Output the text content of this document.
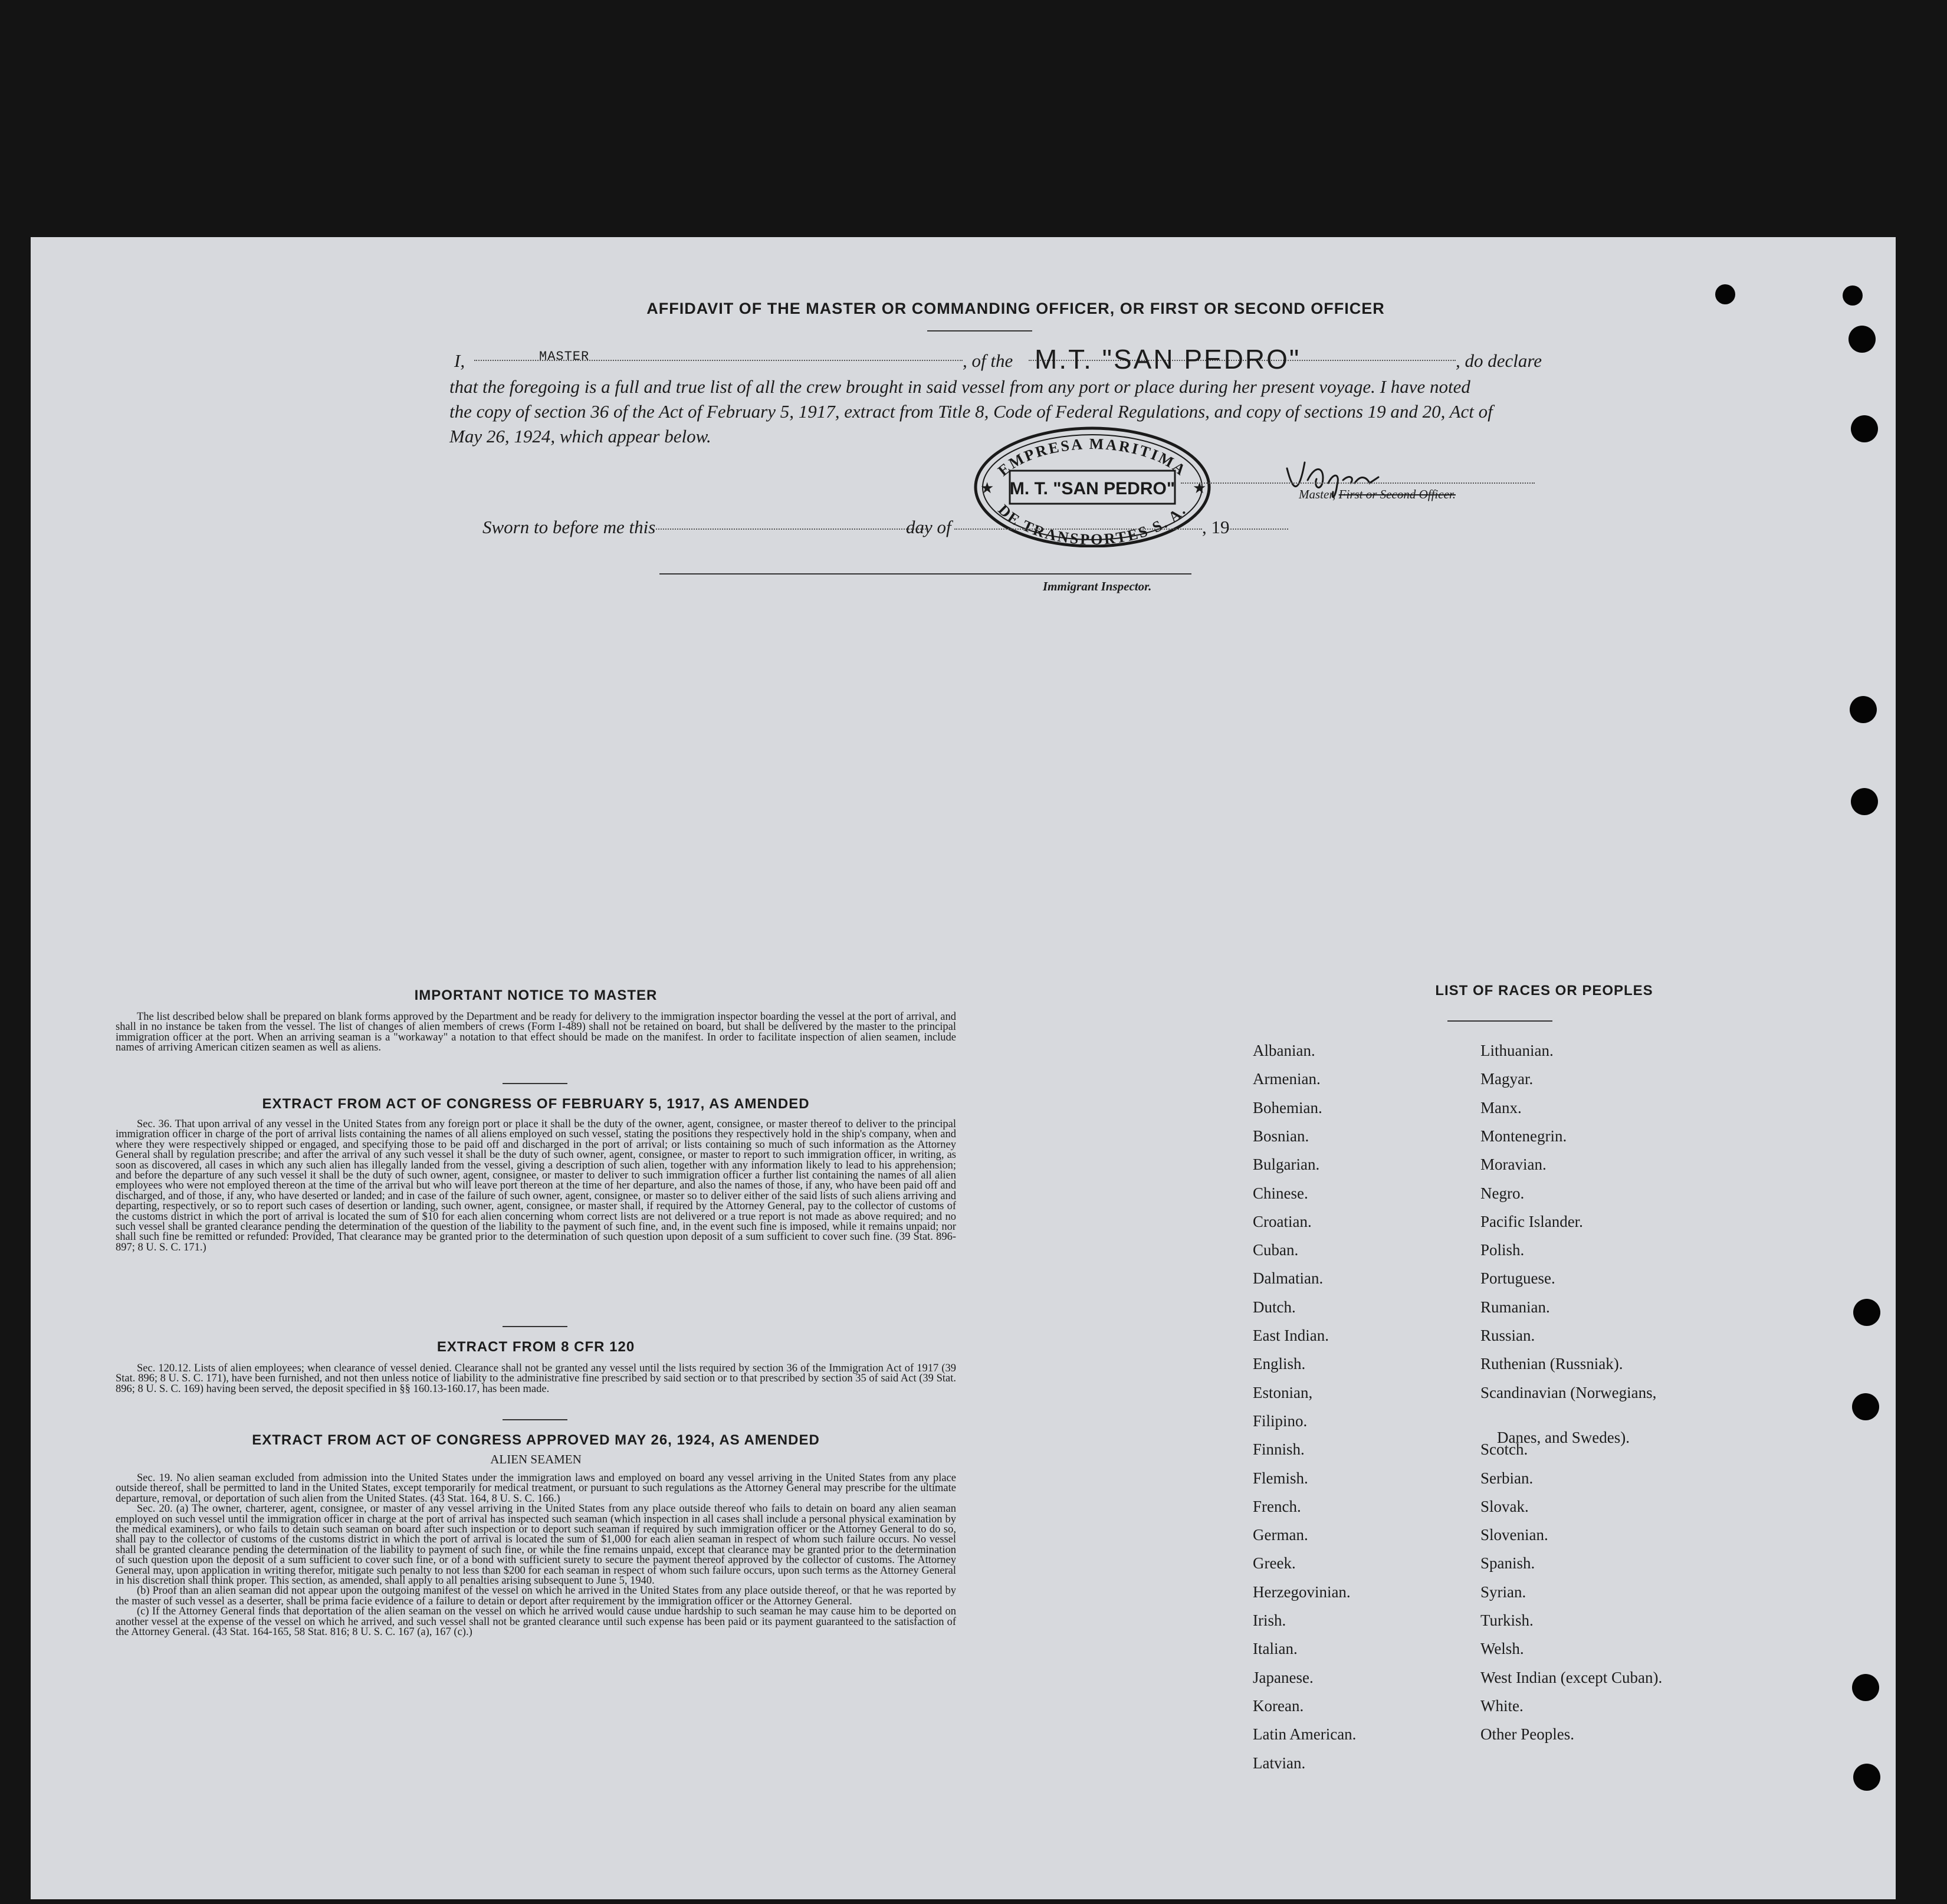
AFFIDAVIT OF THE MASTER OR COMMANDING OFFICER, OR FIRST OR SECOND OFFICER
I,	MASTER	, of the M.T. "SAN PEDRO"	, do declare
that the foregoing is a full and true list of all the crew brought in said vessel from any port or place during her present voyage. I have noted
the copy of section 36 of the Act of February 5, 1917, extract from Title 8, Code of Federal Regulations, and copy of sections 19 and 20, Act of
May 26, 1924, which appear below.
EMPRESA MARITIMA
DE TRANSPORTES S. A.
M. T. "SAN PEDRO"
★	★	Master, First or Second Officer.
Sworn to before me this	day of	, 19
Immigrant Inspector.
IMPORTANT NOTICE TO MASTER
The list described below shall be prepared on blank forms approved by the Department and be ready for delivery to the immigration inspector boarding the vessel at the port of arrival, and shall in no instance be taken from the vessel. The list of changes of alien members of crews (Form I-489) shall not be retained on board, but shall be delivered by the master to the principal immigration officer at the port. When an arriving seaman is a "workaway" a notation to that effect should be made on the manifest. In order to facilitate inspection of alien seamen, include names of arriving American citizen seamen as well as aliens.
EXTRACT FROM ACT OF CONGRESS OF FEBRUARY 5, 1917, AS AMENDED
Sec. 36. That upon arrival of any vessel in the United States from any foreign port or place it shall be the duty of the owner, agent, consignee, or master thereof to deliver to the principal immigration officer in charge of the port of arrival lists containing the names of all aliens employed on such vessel, stating the positions they respectively hold in the ship's company, when and where they were respectively shipped or engaged, and specifying those to be paid off and discharged in the port of arrival; or lists containing so much of such information as the Attorney General shall by regulation prescribe; and after the arrival of any such vessel it shall be the duty of such owner, agent, consignee, or master to report to such immigration officer, in writing, as soon as discovered, all cases in which any such alien has illegally landed from the vessel, giving a description of such alien, together with any information likely to lead to his apprehension; and before the departure of any such vessel it shall be the duty of such owner, agent, consignee, or master to deliver to such immigration officer a further list containing the names of all alien employees who were not employed thereon at the time of the arrival but who will leave port thereon at the time of her departure, and also the names of those, if any, who have been paid off and discharged, and of those, if any, who have deserted or landed; and in case of the failure of such owner, agent, consignee, or master so to deliver either of the said lists of such aliens arriving and departing, respectively, or so to report such cases of desertion or landing, such owner, agent, consignee, or master shall, if required by the Attorney General, pay to the collector of customs of the customs district in which the port of arrival is located the sum of $10 for each alien concerning whom correct lists are not delivered or a true report is not made as above required; and no such vessel shall be granted clearance pending the determination of the question of the liability to the payment of such fine, and, in the event such fine is imposed, while it remains unpaid; nor shall such fine be remitted or refunded: Provided, That clearance may be granted prior to the determination of such question upon deposit of a sum sufficient to cover such fine. (39 Stat. 896-897; 8 U. S. C. 171.)
EXTRACT FROM 8 CFR 120
Sec. 120.12. Lists of alien employees; when clearance of vessel denied. Clearance shall not be granted any vessel until the lists required by section 36 of the Immigration Act of 1917 (39 Stat. 896; 8 U. S. C. 171), have been furnished, and not then unless notice of liability to the administrative fine prescribed by said section or to that prescribed by section 35 of said Act (39 Stat. 896; 8 U. S. C. 169) having been served, the deposit specified in §§ 160.13-160.17, has been made.
EXTRACT FROM ACT OF CONGRESS APPROVED MAY 26, 1924, AS AMENDED
ALIEN SEAMEN

Sec. 19. No alien seaman excluded from admission into the United States under the immigration laws and employed on board any vessel arriving in the United States from any place outside thereof, shall be permitted to land in the United States, except temporarily for medical treatment, or pursuant to such regulations as the Attorney General may prescribe for the ultimate departure, removal, or deportation of such alien from the United States. (43 Stat. 164, 8 U. S. C. 166.)

Sec. 20. (a) The owner, charterer, agent, consignee, or master of any vessel arriving in the United States from any place outside thereof who fails to detain on board any alien seaman employed on such vessel until the immigration officer in charge at the port of arrival has inspected such seaman (which inspection in all cases shall include a personal physical examination by the medical examiners), or who fails to detain such seaman on board after such inspection or to deport such seaman if required by such immigration officer or the Attorney General to do so, shall pay to the collector of customs of the customs district in which the port of arrival is located the sum of $1,000 for each alien seaman in respect of whom such failure occurs. No vessel shall be granted clearance pending the determination of the liability to payment of such fine, or while the fine remains unpaid, except that clearance may be granted prior to the determination of such question upon the deposit of a sum sufficient to cover such fine, or of a bond with sufficient surety to secure the payment thereof approved by the collector of customs. The Attorney General may, upon application in writing therefor, mitigate such penalty to not less than $200 for each seaman in respect of whom such failure occurs, upon such terms as the Attorney General in his discretion shall think proper. This section, as amended, shall apply to all penalties arising subsequent to June 5, 1940.

(b) Proof than an alien seaman did not appear upon the outgoing manifest of the vessel on which he arrived in the United States from any place outside thereof, or that he was reported by the master of such vessel as a deserter, shall be prima facie evidence of a failure to detain or deport after requirement by the immigration officer or the Attorney General.

(c) If the Attorney General finds that deportation of the alien seaman on the vessel on which he arrived would cause undue hardship to such seaman he may cause him to be deported on another vessel at the expense of the vessel on which he arrived, and such vessel shall not be granted clearance until such expense has been paid or its payment guaranteed to the satisfaction of the Attorney General. (43 Stat. 164-165, 58 Stat. 816; 8 U. S. C. 167 (a), 167 (c).)

LIST OF RACES OR PEOPLES
Albanian.
Armenian.
Bohemian.
Bosnian.
Bulgarian.
Chinese.
Croatian.
Cuban.
Dalmatian.
Dutch.
East Indian.
English.
Estonian,
Filipino.
Finnish.
Flemish.
French.
German.
Greek.
Herzegovinian.
Irish.
Italian.
Japanese.
Korean.
Latin American.
Latvian.
Lithuanian.
Magyar.
Manx.
Montenegrin.
Moravian.
Negro.
Pacific Islander.
Polish.
Portuguese.
Rumanian.
Russian.
Ruthenian (Russniak).
Scandinavian (Norwegians,
Danes, and Swedes).
Scotch.
Serbian.
Slovak.
Slovenian.
Spanish.
Syrian.
Turkish.
Welsh.
West Indian (except Cuban).
White.
Other Peoples.
